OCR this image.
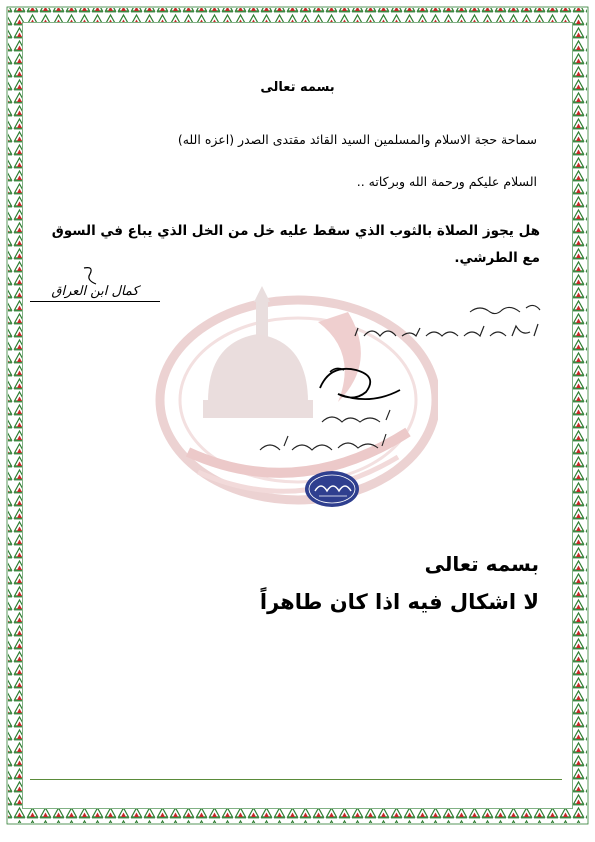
بسمه تعالى
سماحة حجة الاسلام والمسلمين السيد القائد مقتدى الصدر (اعزه الله)
السلام عليكم ورحمة الله وبركاته ..
هل يجوز الصلاة بالثوب الذي سقط عليه خل من الخل الذي يباع في السوق مع الطرشي.
كمال ابن العراق
بسمه تعالى
لا اشكال فيه اذا كان طاهراً
